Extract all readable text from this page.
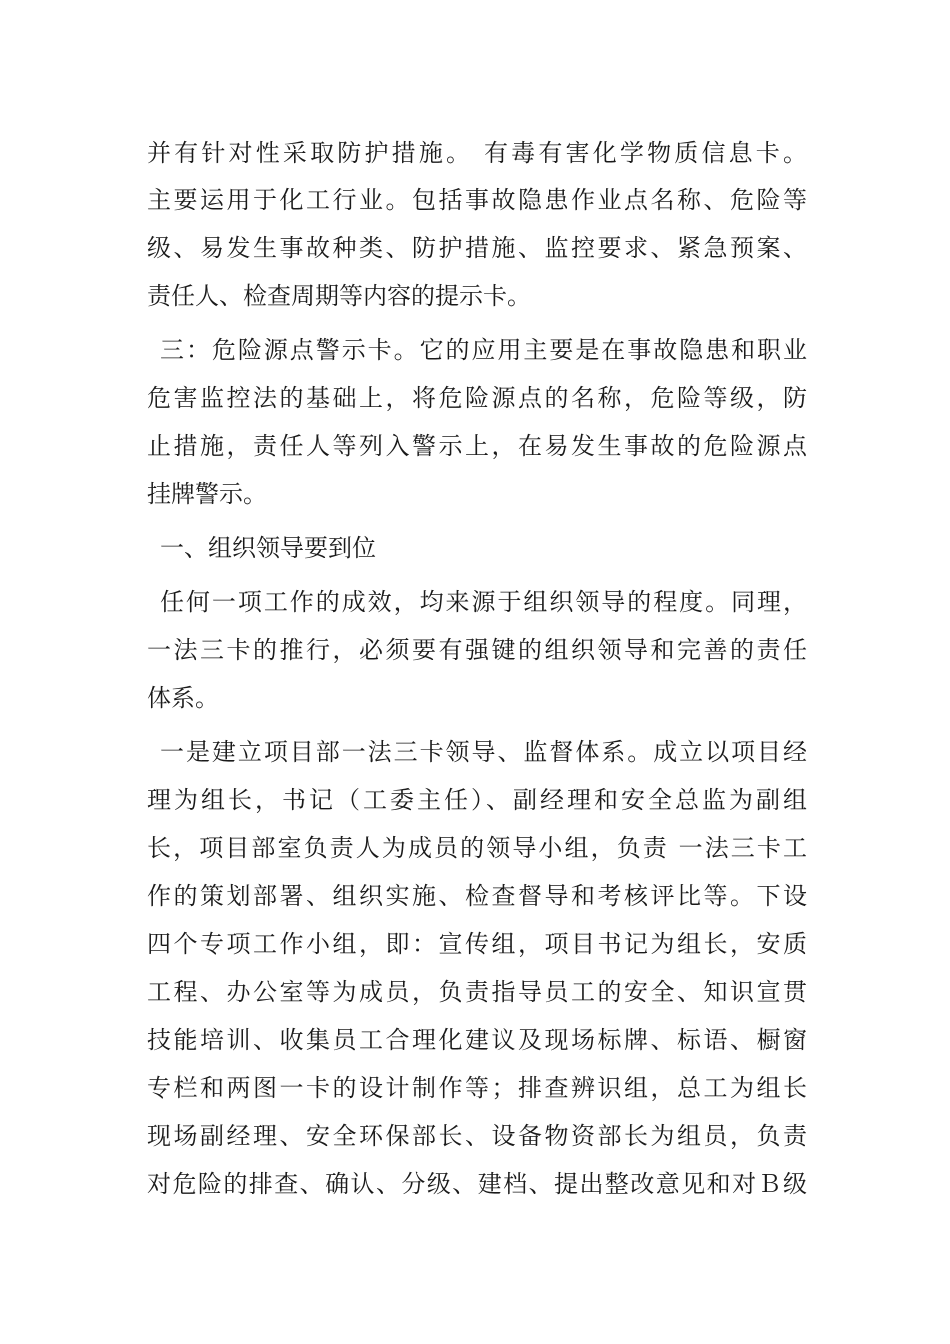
并有针对性采取防护措施。 有毒有害化学物质信息卡。
主要运用于化工行业。包括事故隐患作业点名称、危险等
级、易发生事故种类、防护措施、监控要求、紧急预案、
责任人、检查周期等内容的提示卡。
三：危险源点警示卡。它的应用主要是在事故隐患和职业
危害监控法的基础上，将危险源点的名称，危险等级，防
止措施，责任人等列入警示上，在易发生事故的危险源点
挂牌警示。
一、组织领导要到位
任何一项工作的成效，均来源于组织领导的程度。同理，
一法三卡的推行，必须要有强键的组织领导和完善的责任
体系。
一是建立项目部一法三卡领导、监督体系。成立以项目经
理为组长，书记（工委主任）、副经理和安全总监为副组
长，项目部室负责人为成员的领导小组，负责 一法三卡工
作的策划部署、组织实施、检查督导和考核评比等。下设
四个专项工作小组，即：宣传组，项目书记为组长，安质
工程、办公室等为成员，负责指导员工的安全、知识宣贯
技能培训、收集员工合理化建议及现场标牌、标语、橱窗
专栏和两图一卡的设计制作等；排查辨识组，总工为组长
现场副经理、安全环保部长、设备物资部长为组员，负责
对危险的排查、确认、分级、建档、提出整改意见和对Ｂ级
